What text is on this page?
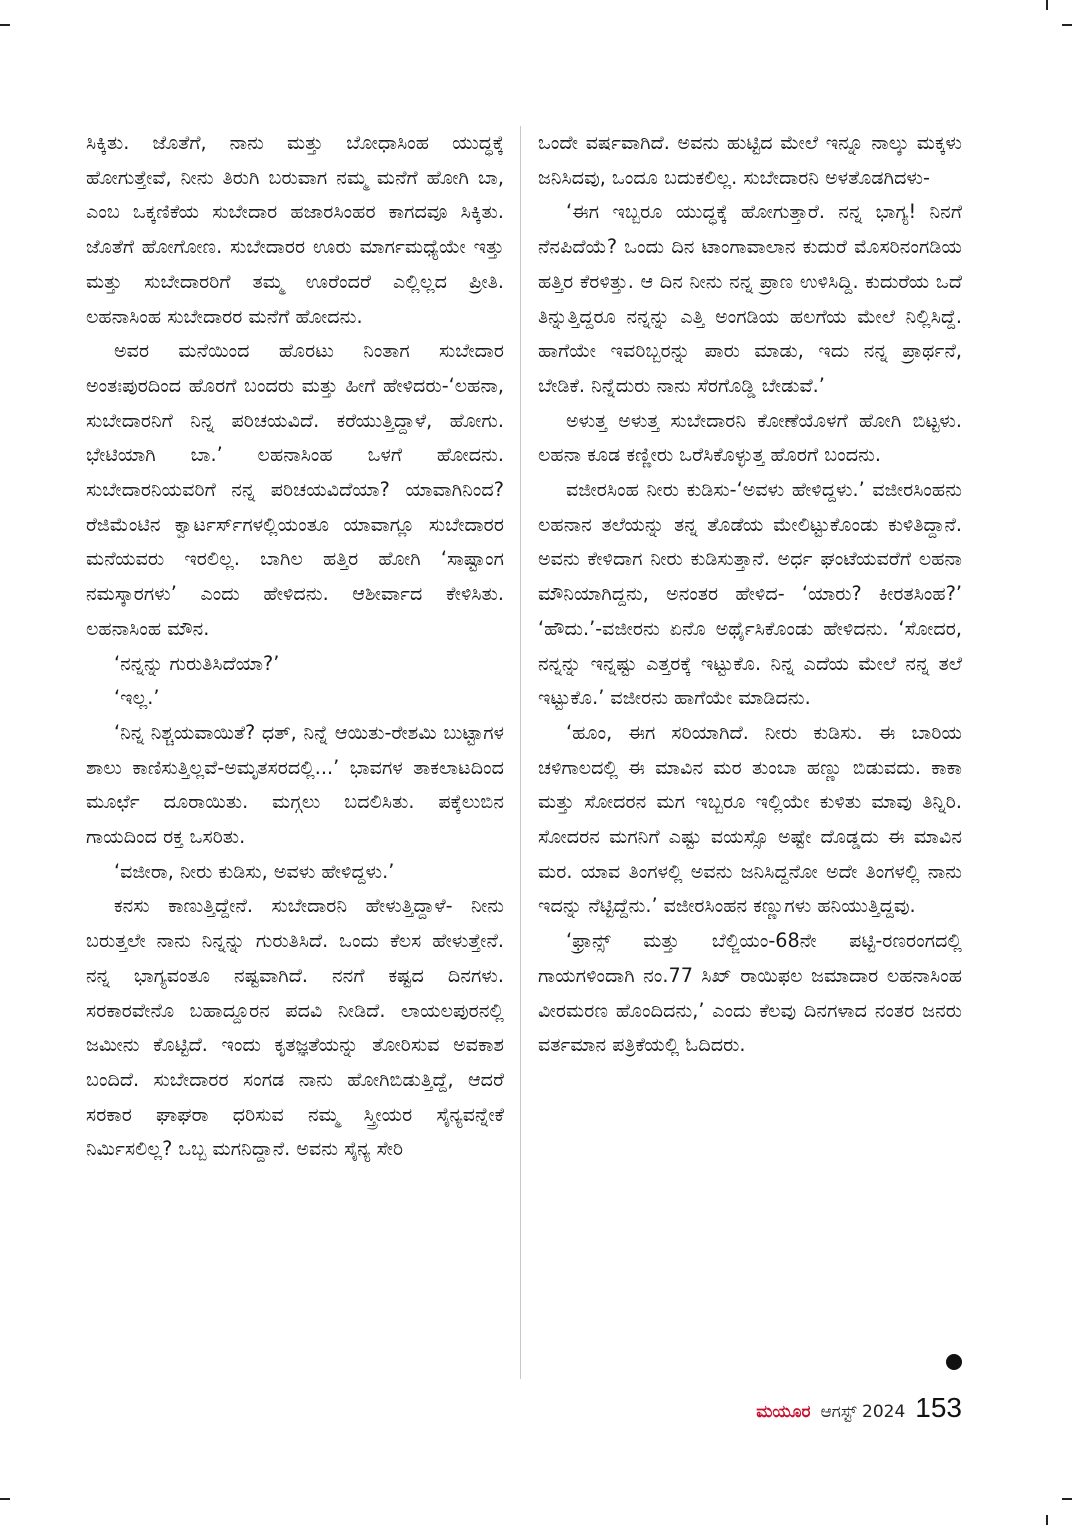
ಸಿಕ್ಕಿತು. ಜೊತೆಗೆ, ನಾನು ಮತ್ತು ಬೋಧಾಸಿಂಹ ಯುದ್ಧಕ್ಕೆ ಹೋಗುತ್ತೇವೆ, ನೀನು ತಿರುಗಿ ಬರುವಾಗ ನಮ್ಮ ಮನೆಗೆ ಹೋಗಿ ಬಾ, ಎಂಬ ಒಕ್ಕಣಿಕೆಯ ಸುಬೇದಾರ ಹಜಾರಸಿಂಹರ ಕಾಗದವೂ ಸಿಕ್ಕಿತು. ಜೊತೆಗೆ ಹೋಗೋಣ. ಸುಬೇದಾರರ ಊರು ಮಾರ್ಗಮಧ್ಯೆಯೇ ಇತ್ತು ಮತ್ತು ಸುಬೇದಾರರಿಗೆ ತಮ್ಮ ಊರೆಂದರೆ ಎಲ್ಲಿಲ್ಲದ ಪ್ರೀತಿ. ಲಹನಾಸಿಂಹ ಸುಬೇದಾರರ ಮನೆಗೆ ಹೋದನು.

ಅವರ ಮನೆಯಿಂದ ಹೊರಟು ನಿಂತಾಗ ಸುಬೇದಾರ ಅಂತಃಪುರದಿಂದ ಹೊರಗೆ ಬಂದರು ಮತ್ತು ಹೀಗೆ ಹೇಳಿದರು-‘ಲಹನಾ, ಸುಬೇದಾರನಿಗೆ ನಿನ್ನ ಪರಿಚಯವಿದೆ. ಕರೆಯುತ್ತಿದ್ದಾಳೆ, ಹೋಗು. ಭೇಟಿಯಾಗಿ ಬಾ.’ ಲಹನಾಸಿಂಹ ಒಳಗೆ ಹೋದನು. ಸುಬೇದಾರನಿಯವರಿಗೆ ನನ್ನ ಪರಿಚಯವಿದೆಯಾ? ಯಾವಾಗಿನಿಂದ? ರೆಜಿಮೆಂಟಿನ ಕ್ವಾರ್ಟರ್ಸ್‌ಗಳಲ್ಲಿಯಂತೂ ಯಾವಾಗ್ಲೂ ಸುಬೇದಾರರ ಮನೆಯವರು ಇರಲಿಲ್ಲ. ಬಾಗಿಲ ಹತ್ತಿರ ಹೋಗಿ ‘ಸಾಷ್ಟಾಂಗ ನಮಸ್ಕಾರಗಳು’ ಎಂದು ಹೇಳಿದನು. ಆಶೀರ್ವಾದ ಕೇಳಿಸಿತು. ಲಹನಾಸಿಂಹ ಮೌನ.

‘ನನ್ನನ್ನು ಗುರುತಿಸಿದೆಯಾ?’

‘ಇಲ್ಲ.’

‘ನಿನ್ನ ನಿಶ್ಚಯವಾಯಿತೆ? ಧತ್, ನಿನ್ನೆ ಆಯಿತು-ರೇಶಮಿ ಬುಟ್ಟಾಗಳ ಶಾಲು ಕಾಣಿಸುತ್ತಿಲ್ಲವೆ-ಅಮೃತಸರದಲ್ಲಿ...’ ಭಾವಗಳ ತಾಕಲಾಟದಿಂದ ಮೂರ್ಛೆ ದೂರಾಯಿತು. ಮಗ್ಗಲು ಬದಲಿಸಿತು. ಪಕ್ಕೆಲುಬಿನ ಗಾಯದಿಂದ ರಕ್ತ ಒಸರಿತು.

‘ವಜೀರಾ, ನೀರು ಕುಡಿಸು, ಅವಳು ಹೇಳಿದ್ದಳು.’

ಕನಸು ಕಾಣುತ್ತಿದ್ದೇನೆ. ಸುಬೇದಾರನಿ ಹೇಳುತ್ತಿದ್ದಾಳೆ- ನೀನು ಬರುತ್ತಲೇ ನಾನು ನಿನ್ನನ್ನು ಗುರುತಿಸಿದೆ. ಒಂದು ಕೆಲಸ ಹೇಳುತ್ತೇನೆ. ನನ್ನ ಭಾಗ್ಯವಂತೂ ನಷ್ಟವಾಗಿದೆ. ನನಗೆ ಕಷ್ಟದ ದಿನಗಳು. ಸರಕಾರವೇನೊ ಬಹಾದ್ದೂರನ ಪದವಿ ನೀಡಿದೆ. ಲಾಯಲಪುರನಲ್ಲಿ ಜಮೀನು ಕೊಟ್ಟಿದೆ. ಇಂದು ಕೃತಜ್ಞತೆಯನ್ನು ತೋರಿಸುವ ಅವಕಾಶ ಬಂದಿದೆ. ಸುಬೇದಾರರ ಸಂಗಡ ನಾನು ಹೋಗಿಬಿಡುತ್ತಿದ್ದೆ, ಆದರೆ ಸರಕಾರ ಘಾಘರಾ ಧರಿಸುವ ನಮ್ಮ ಸ್ತ್ರೀಯರ ಸೈನ್ಯವನ್ನೇಕೆ ನಿರ್ಮಿಸಲಿಲ್ಲ? ಒಬ್ಬ ಮಗನಿದ್ದಾನೆ. ಅವನು ಸೈನ್ಯ ಸೇರಿ

ಒಂದೇ ವರ್ಷವಾಗಿದೆ. ಅವನು ಹುಟ್ಟಿದ ಮೇಲೆ ಇನ್ನೂ ನಾಲ್ಕು ಮಕ್ಕಳು ಜನಿಸಿದವು, ಒಂದೂ ಬದುಕಲಿಲ್ಲ. ಸುಬೇದಾರನಿ ಅಳತೊಡಗಿದಳು-

‘ಈಗ ಇಬ್ಬರೂ ಯುದ್ಧಕ್ಕೆ ಹೋಗುತ್ತಾರೆ. ನನ್ನ ಭಾಗ್ಯ! ನಿನಗೆ ನೆನಪಿದೆಯೆ? ಒಂದು ದಿನ ಟಾಂಗಾವಾಲಾನ ಕುದುರೆ ಮೊಸರಿನಂಗಡಿಯ ಹತ್ತಿರ ಕೆರಳಿತ್ತು. ಆ ದಿನ ನೀನು ನನ್ನ ಪ್ರಾಣ ಉಳಿಸಿದ್ದಿ. ಕುದುರೆಯ ಒದೆ ತಿನ್ನುತ್ತಿದ್ದರೂ ನನ್ನನ್ನು ಎತ್ತಿ ಅಂಗಡಿಯ ಹಲಗೆಯ ಮೇಲೆ ನಿಲ್ಲಿಸಿದ್ದೆ. ಹಾಗೆಯೇ ಇವರಿಬ್ಬರನ್ನು ಪಾರು ಮಾಡು, ಇದು ನನ್ನ ಪ್ರಾರ್ಥನೆ, ಬೇಡಿಕೆ. ನಿನ್ನೆದುರು ನಾನು ಸೆರಗೊಡ್ಡಿ ಬೇಡುವೆ.’

ಅಳುತ್ತ ಅಳುತ್ತ ಸುಬೇದಾರನಿ ಕೋಣೆಯೊಳಗೆ ಹೋಗಿ ಬಿಟ್ಟಳು. ಲಹನಾ ಕೂಡ ಕಣ್ಣೀರು ಒರೆಸಿಕೊಳ್ಳುತ್ತ ಹೊರಗೆ ಬಂದನು.

ವಜೀರಸಿಂಹ ನೀರು ಕುಡಿಸು-‘ಅವಳು ಹೇಳಿದ್ದಳು.’ ವಜೀರಸಿಂಹನು ಲಹನಾನ ತಲೆಯನ್ನು ತನ್ನ ತೊಡೆಯ ಮೇಲಿಟ್ಟುಕೊಂಡು ಕುಳಿತಿದ್ದಾನೆ. ಅವನು ಕೇಳಿದಾಗ ನೀರು ಕುಡಿಸುತ್ತಾನೆ. ಅರ್ಧ ಘಂಟೆಯವರೆಗೆ ಲಹನಾ ಮೌನಿಯಾಗಿದ್ದನು, ಅನಂತರ ಹೇಳಿದ- ‘ಯಾರು? ಕೀರತಸಿಂಹ?’ ‘ಹೌದು.’-ವಜೀರನು ಏನೊ ಅರ್ಥೈಸಿಕೊಂಡು ಹೇಳಿದನು. ‘ಸೋದರ, ನನ್ನನ್ನು ಇನ್ನಷ್ಟು ಎತ್ತರಕ್ಕೆ ಇಟ್ಟುಕೊ. ನಿನ್ನ ಎದೆಯ ಮೇಲೆ ನನ್ನ ತಲೆ ಇಟ್ಟುಕೊ.’ ವಜೀರನು ಹಾಗೆಯೇ ಮಾಡಿದನು.

‘ಹೂಂ, ಈಗ ಸರಿಯಾಗಿದೆ. ನೀರು ಕುಡಿಸು. ಈ ಬಾರಿಯ ಚಳಿಗಾಲದಲ್ಲಿ ಈ ಮಾವಿನ ಮರ ತುಂಬಾ ಹಣ್ಣು ಬಿಡುವದು. ಕಾಕಾ ಮತ್ತು ಸೋದರನ ಮಗ ಇಬ್ಬರೂ ಇಲ್ಲಿಯೇ ಕುಳಿತು ಮಾವು ತಿನ್ನಿರಿ. ಸೋದರನ ಮಗನಿಗೆ ಎಷ್ಟು ವಯಸ್ಸೊ ಅಷ್ಟೇ ದೊಡ್ಡದು ಈ ಮಾವಿನ ಮರ. ಯಾವ ತಿಂಗಳಲ್ಲಿ ಅವನು ಜನಿಸಿದ್ದನೋ ಅದೇ ತಿಂಗಳಲ್ಲಿ ನಾನು ಇದನ್ನು ನೆಟ್ಟಿದ್ದೆನು.’ ವಜೀರಸಿಂಹನ ಕಣ್ಣುಗಳು ಹನಿಯುತ್ತಿದ್ದವು.

‘ಫ್ರಾನ್ಸ್ ಮತ್ತು ಬೆಲ್ಜಿಯಂ-68ನೇ ಪಟ್ಟಿ-ರಣರಂಗದಲ್ಲಿ ಗಾಯಗಳಿಂದಾಗಿ ನಂ.77 ಸಿಖ್ ರಾಯಿಫಲ ಜಮಾದಾರ ಲಹನಾಸಿಂಹ ವೀರಮರಣ ಹೊಂದಿದನು,’ ಎಂದು ಕೆಲವು ದಿನಗಳಾದ ನಂತರ ಜನರು ವರ್ತಮಾನ ಪತ್ರಿಕೆಯಲ್ಲಿ ಓದಿದರು.

ಮಯೂರ ಆಗಸ್ಟ್ 2024 153
